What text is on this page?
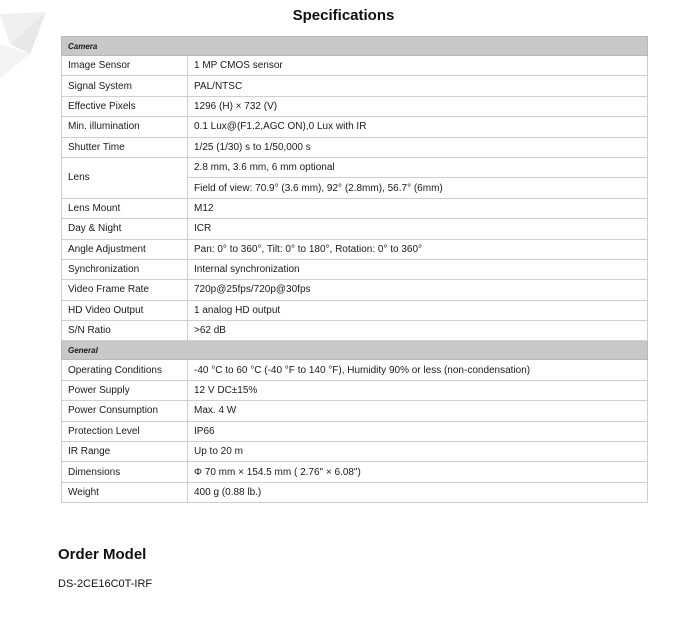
Specifications
Camera	
Image Sensor	1 MP CMOS sensor
Signal System	PAL/NTSC
Effective Pixels	1296 (H) × 732 (V)
Min. illumination	0.1 Lux@(F1.2,AGC ON),0 Lux with IR
Shutter Time	1/25 (1/30) s to 1/50,000 s
Lens	2.8 mm, 3.6 mm, 6 mm optional
	Field of view: 70.9° (3.6 mm), 92° (2.8mm), 56.7° (6mm)
Lens Mount	M12
Day & Night	ICR
Angle Adjustment	Pan: 0° to 360°, Tilt: 0° to 180°, Rotation: 0° to 360°
Synchronization	Internal synchronization
Video Frame Rate	720p@25fps/720p@30fps
HD Video Output	1 analog HD output
S/N Ratio	>62 dB
General	
Operating Conditions	-40 °C to 60 °C (-40 °F to 140 °F), Humidity 90% or less (non-condensation)
Power Supply	12 V DC±15%
Power Consumption	Max. 4 W
Protection Level	IP66
IR Range	Up to 20 m
Dimensions	Φ 70 mm × 154.5 mm ( 2.76" × 6.08")
Weight	400 g (0.88 lb.)
Order Model
DS-2CE16C0T-IRF
